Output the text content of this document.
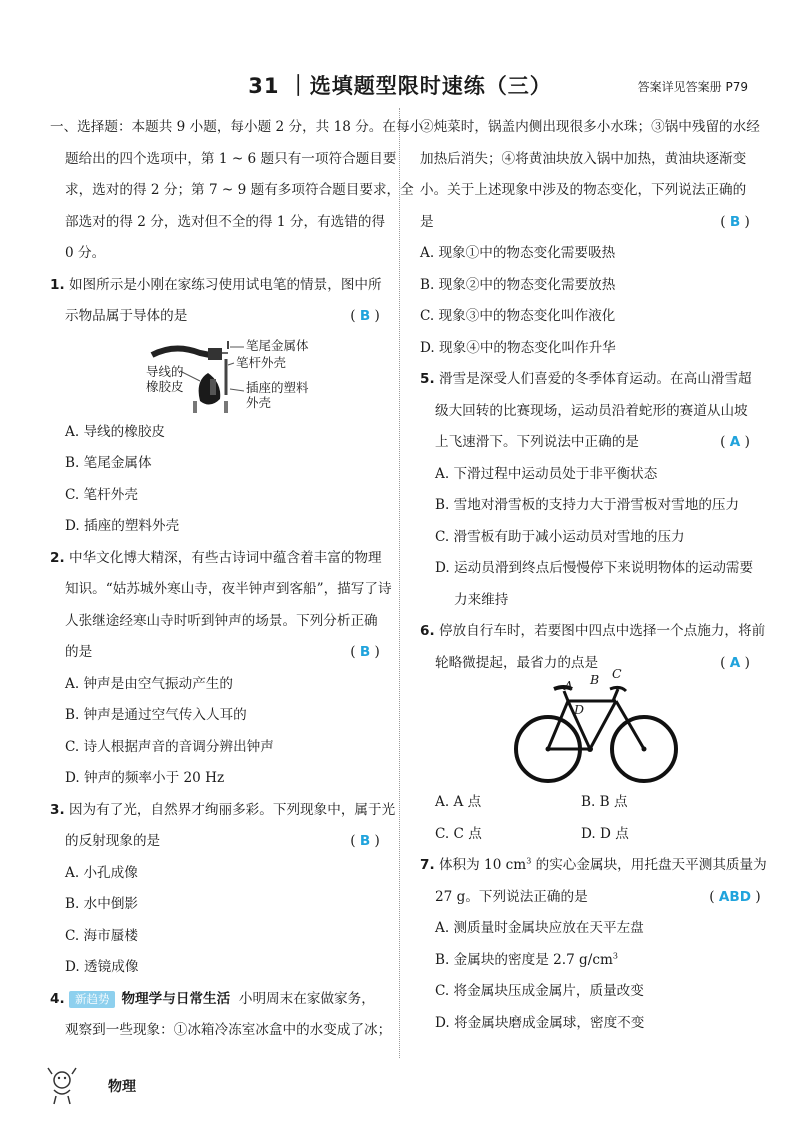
31 ｜选填题型限时速练（三）	答案详见答案册 P79
一、选择题：本题共 9 小题，每小题 2 分，共 18 分。在每小
题给出的四个选项中，第 1 ~ 6 题只有一项符合题目要
求，选对的得 2 分；第 7 ~ 9 题有多项符合题目要求，全
部选对的得 2 分，选对但不全的得 1 分，有选错的得
0 分。
1. 如图所示是小刚在家练习使用试电笔的情景，图中所
示物品属于导体的是	( B )
笔尾金属体
笔杆外壳
导线的
橡胶皮	插座的塑料
外壳
A. 导线的橡胶皮
B. 笔尾金属体
C. 笔杆外壳
D. 插座的塑料外壳
2. 中华文化博大精深，有些古诗词中蕴含着丰富的物理
知识。“姑苏城外寒山寺，夜半钟声到客船”，描写了诗
人张继途经寒山寺时听到钟声的场景。下列分析正确
的是	( B )
A. 钟声是由空气振动产生的
B. 钟声是通过空气传入人耳的
C. 诗人根据声音的音调分辨出钟声
D. 钟声的频率小于 20 Hz
3. 因为有了光，自然界才绚丽多彩。下列现象中，属于光
的反射现象的是	( B )
A. 小孔成像
B. 水中倒影
C. 海市蜃楼
D. 透镜成像
4. 新趋势 物理学与日常生活 小明周末在家做家务，
观察到一些现象：①冰箱冷冻室冰盒中的水变成了冰；
②炖菜时，锅盖内侧出现很多小水珠；③锅中残留的水经
加热后消失；④将黄油块放入锅中加热，黄油块逐渐变
小。关于上述现象中涉及的物态变化，下列说法正确的
是	( B )
A. 现象①中的物态变化需要吸热
B. 现象②中的物态变化需要放热
C. 现象③中的物态变化叫作液化
D. 现象④中的物态变化叫作升华
5. 滑雪是深受人们喜爱的冬季体育运动。在高山滑雪超
级大回转的比赛现场，运动员沿着蛇形的赛道从山坡
上飞速滑下。下列说法中正确的是	( A )
A. 下滑过程中运动员处于非平衡状态
B. 雪地对滑雪板的支持力大于滑雪板对雪地的压力
C. 滑雪板有助于减小运动员对雪地的压力
D. 运动员滑到终点后慢慢停下来说明物体的运动需要
力来维持
6. 停放自行车时，若要图中四点中选择一个点施力，将前
轮略微提起，最省力的点是	( A )
A B C
D
A. A 点	B. B 点
C. C 点	D. D 点
7. 体积为 10 $cm^3$ 的实心金属块，用托盘天平测其质量为
27 g。下列说法正确的是	( ABD )
A. 测质量时金属块应放在天平左盘
B. 金属块的密度是 2.7 $g/cm^3$
C. 将金属块压成金属片，质量改变
D. 将金属块磨成金属球，密度不变
物理
